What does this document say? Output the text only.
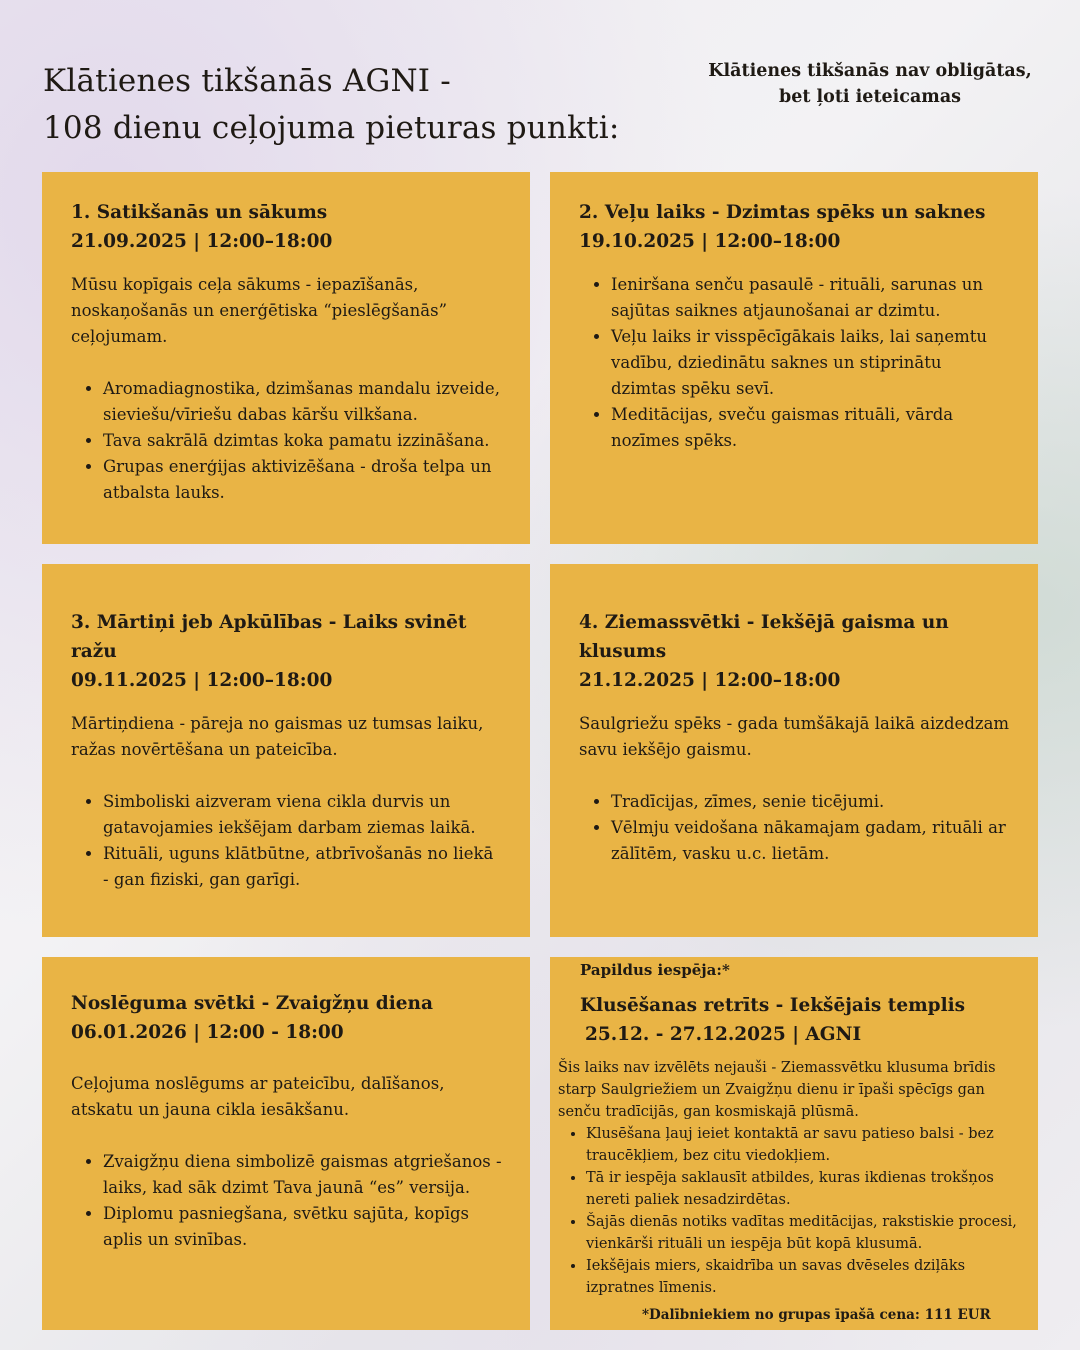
Klātienes tikšanās AGNI -
108 dienu ceļojuma pieturas punkti:
Klātienes tikšanās nav obligātas,
bet ļoti ieteicamas
1. Satikšanās un sākums
21.09.2025 | 12:00–18:00

Mūsu kopīgais ceļa sākums - iepazīšanās, noskaņošanās un enerģētiska “pieslēgšanās” ceļojumam.

• Aromadiagnostika, dzimšanas mandalu izveide, sieviešu/vīriešu dabas kāršu vilkšana.
• Tava sakrālā dzimtas koka pamatu izzināšana.
• Grupas enerģijas aktivizēšana - droša telpa un atbalsta lauks.
2. Veļu laiks - Dzimtas spēks un saknes
19.10.2025 | 12:00–18:00
• Ieniršana senču pasaulē - rituāli, sarunas un sajūtas saiknes atjaunošanai ar dzimtu.
• Veļu laiks ir visspēcīgākais laiks, lai saņemtu vadību, dziedinātu saknes un stiprinātu dzimtas spēku sevī.
• Meditācijas, sveču gaismas rituāli, vārda nozīmes spēks.
3. Mārtiņi jeb Apkūlības - Laiks svinēt ražu
09.11.2025 | 12:00–18:00

Mārtiņdiena - pāreja no gaismas uz tumsas laiku, ražas novērtēšana un pateicība.

• Simboliski aizveram viena cikla durvis un gatavojamies iekšējam darbam ziemas laikā.
• Rituāli, uguns klātbūtne, atbrīvošanās no liekā - gan fiziski, gan garīgi.
4. Ziemassvētki - Iekšējā gaisma un klusums
21.12.2025 | 12:00–18:00

Saulgriežu spēks - gada tumšākajā laikā aizdedzam savu iekšējo gaismu.

• Tradīcijas, zīmes, senie ticējumi.
• Vēlmju veidošana nākamajam gadam, rituāli ar zālītēm, vasku u.c. lietām.
Noslēguma svētki - Zvaigžņu diena
06.01.2026 | 12:00 - 18:00

Ceļojuma noslēgums ar pateicību, dalīšanos, atskatu un jauna cikla iesākšanu.

• Zvaigžņu diena simbolizē gaismas atgriešanos - laiks, kad sāk dzimt Tava jaunā “es” versija.
• Diplomu pasniegšana, svētku sajūta, kopīgs aplis un svinības.
Papildus iespēja:*
Klusēšanas retrīts - Iekšējais templis
25.12. - 27.12.2025 | AGNI

Šis laiks nav izvēlēts nejauši - Ziemassvētku klusuma brīdis starp Saulgriežiem un Zvaigžņu dienu ir īpaši spēcīgs gan senču tradīcijās, gan kosmiskajā plūsmā.

• Klusēšana ļauj ieiet kontaktā ar savu patieso balsi - bez traucēkļiem, bez citu viedokļiem.
• Tā ir iespēja saklausīt atbildes, kuras ikdienas trokšņos nereti paliek nesadzirdētas.
• Šajās dienās notiks vadītas meditācijas, rakstiskie procesi, vienkārši rituāli un iespēja būt kopā klusumā.
• Iekšējais miers, skaidrība un savas dvēseles dziļāks izpratnes līmenis.
*Dalībniekiem no grupas īpašā cena: 111 EUR
